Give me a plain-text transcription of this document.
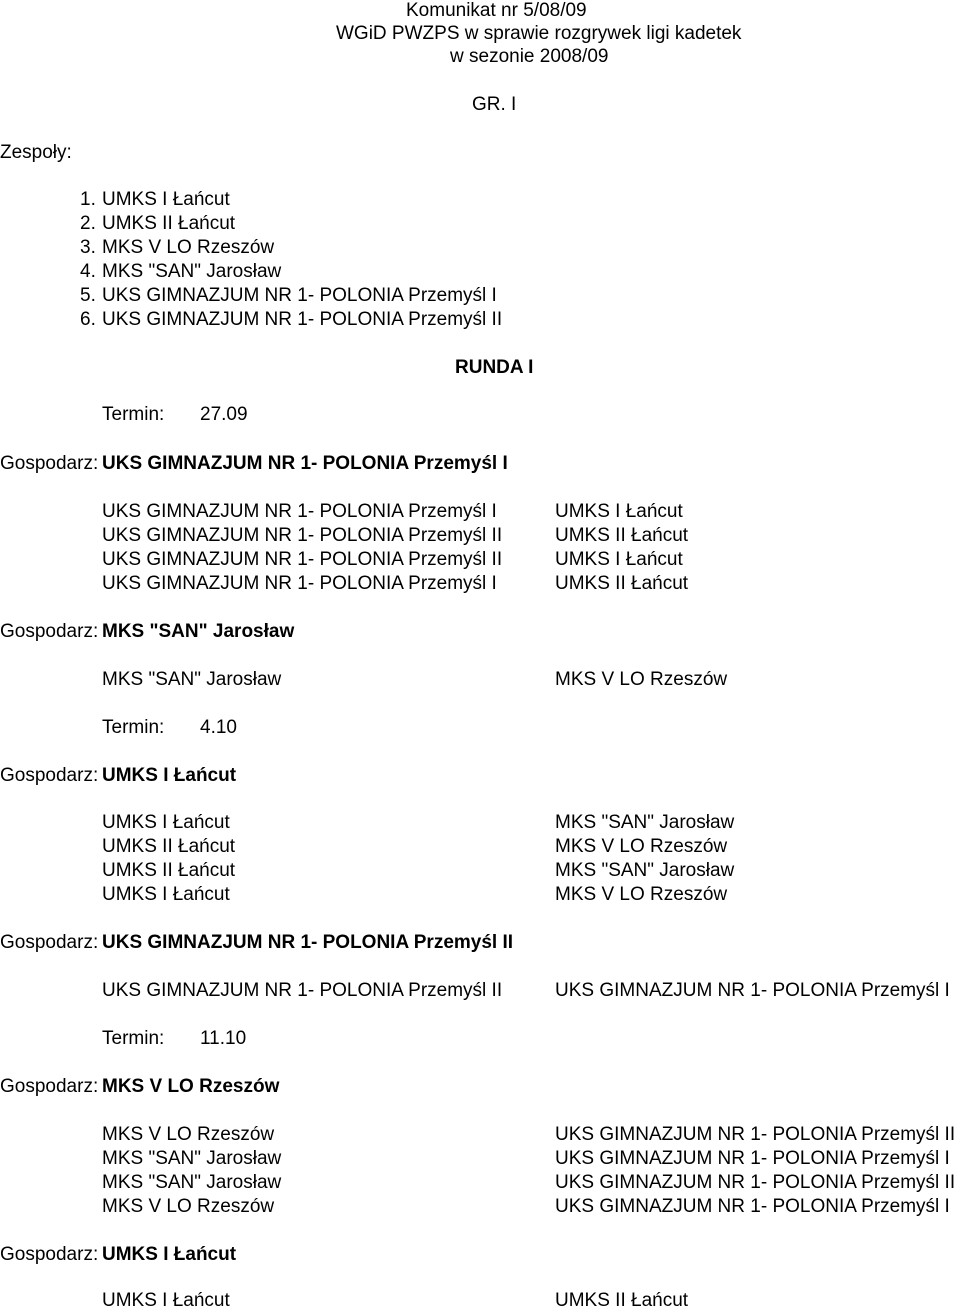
Komunikat nr 5/08/09
WGiD PWZPS w sprawie rozgrywek ligi kadetek
w sezonie 2008/09
GR. I
Zespoły:
1. UMKS I Łańcut
2. UMKS II Łańcut
3. MKS V LO Rzeszów
4. MKS "SAN" Jarosław
5. UKS GIMNAZJUM NR 1- POLONIA Przemyśl I
6. UKS GIMNAZJUM NR 1- POLONIA Przemyśl II
RUNDA I
Termin: 27.09
Gospodarz: UKS GIMNAZJUM NR 1- POLONIA Przemyśl I
UKS GIMNAZJUM NR 1- POLONIA Przemyśl I	UMKS I Łańcut
UKS GIMNAZJUM NR 1- POLONIA Przemyśl II	UMKS II Łańcut
UKS GIMNAZJUM NR 1- POLONIA Przemyśl II	UMKS I Łańcut
UKS GIMNAZJUM NR 1- POLONIA Przemyśl I	UMKS II Łańcut
Gospodarz: MKS "SAN" Jarosław
MKS "SAN" Jarosław	MKS V LO Rzeszów
Termin: 4.10
Gospodarz: UMKS I Łańcut
UMKS I Łańcut	MKS "SAN" Jarosław
UMKS II Łańcut	MKS V LO Rzeszów
UMKS II Łańcut	MKS "SAN" Jarosław
UMKS I Łańcut	MKS V LO Rzeszów
Gospodarz: UKS GIMNAZJUM NR 1- POLONIA Przemyśl II
UKS GIMNAZJUM NR 1- POLONIA Przemyśl II	UKS GIMNAZJUM NR 1- POLONIA Przemyśl I
Termin: 11.10
Gospodarz: MKS V LO Rzeszów
MKS V LO Rzeszów	UKS GIMNAZJUM NR 1- POLONIA Przemyśl II
MKS "SAN" Jarosław	UKS GIMNAZJUM NR 1- POLONIA Przemyśl I
MKS "SAN" Jarosław	UKS GIMNAZJUM NR 1- POLONIA Przemyśl II
MKS V LO Rzeszów	UKS GIMNAZJUM NR 1- POLONIA Przemyśl I
Gospodarz: UMKS I Łańcut
UMKS I Łańcut	UMKS II Łańcut
